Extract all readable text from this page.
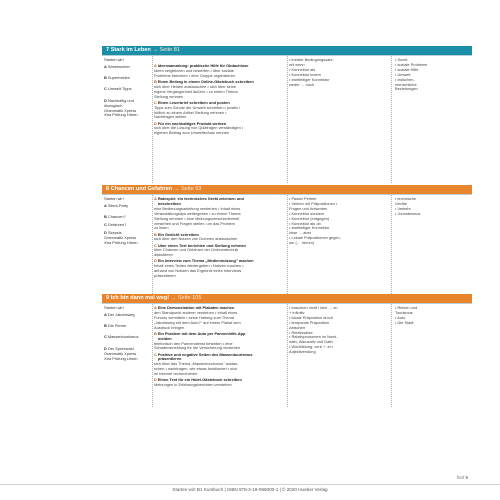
7 Stark im Leben → Seite 81
Starten wir!
A Streetworker
B Superhelden
C Umwelt-Tipps
D Nachhaltig und
ökologisch
Grammatik Xpress
Xtra Prüfung Hören
AIdeensammlung: praktische Hilfe für Obdachlose
Ideen vergleichen und bewerten • über soziale
Probleme berichten • eine Gruppe organisieren
BEinen Beitrag in einem Online-Gästebuch schreiben
sich über Helden austauschen • sich über seine
eigene Vergangenheit äußern • zu einem Thema
Stellung nehmen
CEinen Leserbrief schreiben und posten
Tipps zum Schutz der Umwelt schreiben • positiv /
höflich zu einem Artikel Stellung nehmen •
Nachfragen stellen
DFür ein nachhaltiges Produkt werben
sich über die Lösung von Quizfragen verständigen •
eigenen Beitrag zum Umweltschutz nennen
• irrealer Bedingungssatz:
mit wenn
• Konnektor als
• Konnektor indem
• zweiteiliger Konnektor
weder … noch
• Sucht
• soziale Probleme
• soziale Hilfe
• Umwelt
• zwischen-
menschliche
Beziehungen
8 Chancen und Gefahren → Seite 93
Starten wir!
A Silent-Party
B Chancen?
C Gefahren?
D Skepsis
Grammatik Xpress
Xtra Prüfung Hören
ARatespiel: ein technisches Gerät zeichnen und
beschreiben
eine Bedienungsanleitung verstehen • Inhalt eines
Veranstaltungstips weitergeben • zu einem Thema
Stellung nehmen • eine Meinungsverschiedenheit
verstehen und Fragen stellen, um das Problem
zu lösen
BEin Gedicht schreiben
sich über den Nutzen von Drohnen austauschen
CÜber einen Text berichten und Stellung nehmen
über Chancen und Gefahren der Drohnentechnik
diskutieren
DEin Interview zum Thema „Mediennutzung" machen
Inhalt eines Textes wiedergeben • Notizen machen •
anhand von Notizen das Ergebnis eines Interviews
präsentieren
• Passiv Perfekt
• Verben mit Präpositionen •
Fragen und Antworten
• Konnektor sondern
• Konnektor (entgegen)
• Konnektor als ob
• zweiteiliger Konnektor
zwar … aber
• Lokale Präpositionen gegen,
um (… herum)
• technische
Geräte
• Verkehr
• Journalismus
9 Ich bin dann mal weg! → Seite 105
Starten wir!
A Der Jakobsweg
B Die Panne
C Massentourismus
D Der Spreewald
Grammatik Xpress
Xtra Prüfung Lesen
AEine Demonstration mit Plakaten machen
den Standpunkt anderer verstehen • Inhalt eines
Forums vermitteln • seine Haltung zum Thema
„Jakobsweg mit dem Auto?" auf einem Plakat zum
Ausdruck bringen
BEin Problem mit dem Auto per Pannenhilfe-App
melden
telefonisch den Pannendienst bestellen • eine
Schadensmeldung für die Versicherung verstehen
CPositive und negative Seiten des Massentourismus
präsentieren
sich über das Thema „Massentourismus" austau-
schen • nachfragen, wie etwas funktioniert • sich
im Internet recherchieren
DEinen Text für ein Hotel-Gästebuch schreiben
Meinungen in Erfahrungsberichten verstehen
• brauchen nicht / kein … zu
+ Infinitiv
• lokale Präposition durch
• temporale Präposition
zwischen
• Relativsätze
• Relativpronomen im Nomi-
nativ, Akkusativ und Dativ
• Wortbildung: verb + -el •
Adjektivendung
• Reisen und
Tourismus
• Auto
• Die Stadt
fünf 5
Starten wir! B1 Kursbuch | ISBN 978-3-19-066000-1 | © 2020 Hueber Verlag
